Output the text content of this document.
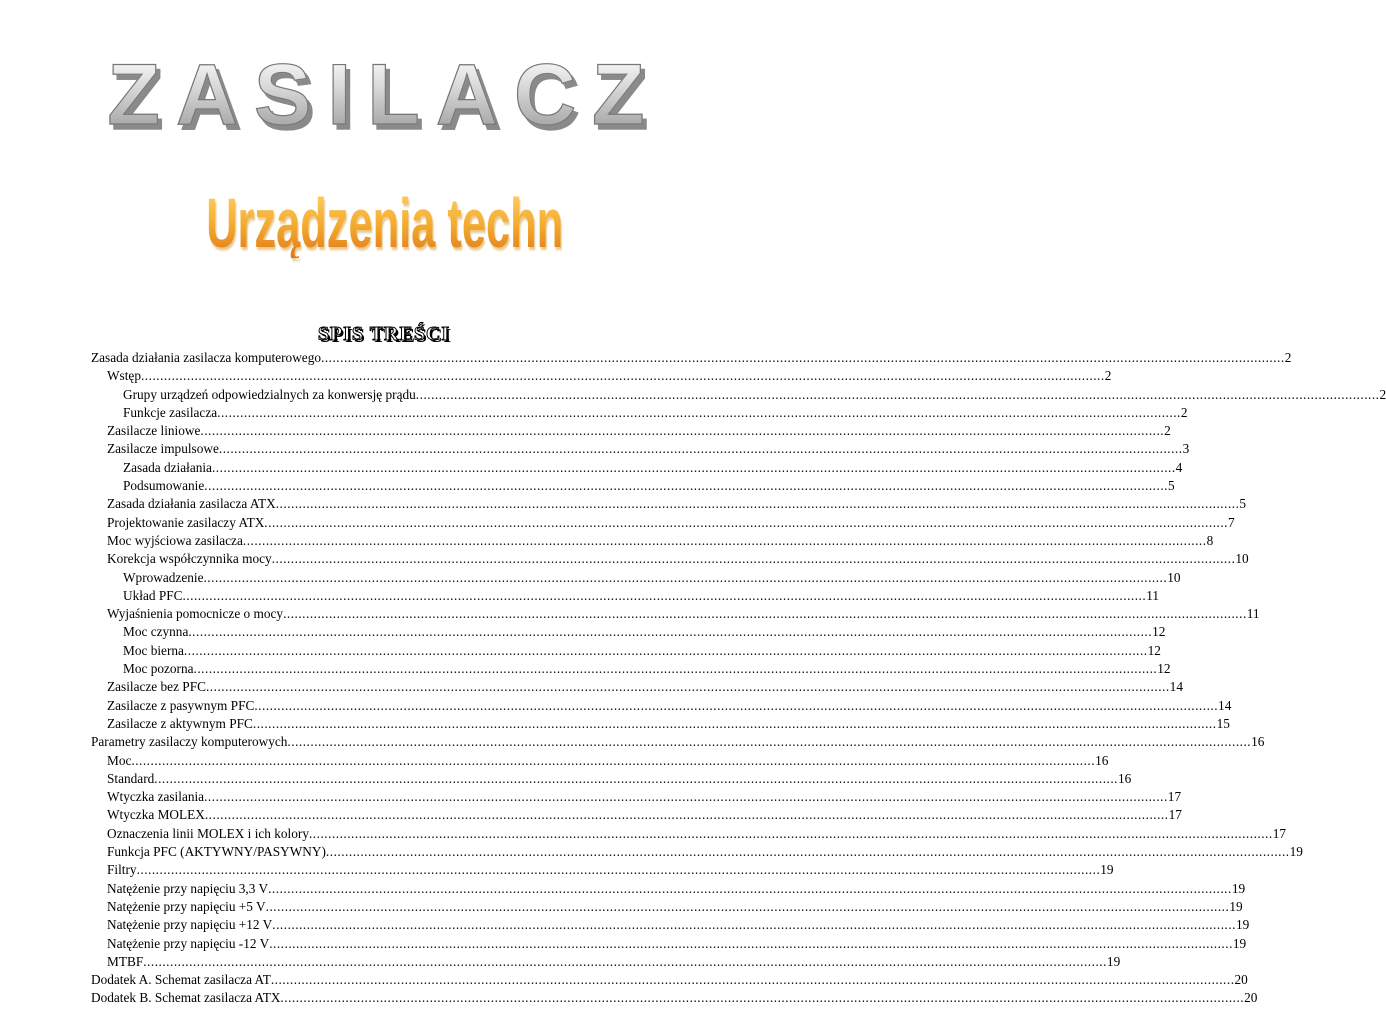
ZASILACZ
Urządzenia techniki komputerowej
SPIS TREŚCI
Zasada działania zasilacza komputerowego .....	2
Wstęp .....	2
Grupy urządzeń odpowiedzialnych za konwersję prądu .....	2
Funkcje zasilacza .....	2
Zasilacze liniowe .....	2
Zasilacze impulsowe .....	3
Zasada działania .....	4
Podsumowanie .....	5
Zasada działania zasilacza ATX .....	5
Projektowanie zasilaczy ATX .....	7
Moc wyjściowa zasilacza .....	8
Korekcja współczynnika mocy .....	10
Wprowadzenie .....	10
Układ PFC .....	11
Wyjaśnienia pomocnicze o mocy .....	11
Moc czynna .....	12
Moc bierna .....	12
Moc pozorna .....	12
Zasilacze bez PFC .....	14
Zasilacze z pasywnym PFC .....	14
Zasilacze z aktywnym PFC .....	15
Parametry zasilaczy komputerowych .....	16
Moc .....	16
Standard .....	16
Wtyczka zasilania .....	17
Wtyczka MOLEX .....	17
Oznaczenia linii MOLEX i ich kolory .....	17
Funkcja PFC (AKTYWNY/PASYWNY) .....	19
Filtry .....	19
Natężenie przy napięciu 3,3 V .....	19
Natężenie przy napięciu +5 V .....	19
Natężenie przy napięciu +12 V .....	19
Natężenie przy napięciu -12 V .....	19
MTBF .....	19
Dodatek A. Schemat zasilacza AT .....	20
Dodatek B. Schemat zasilacza ATX .....	20
